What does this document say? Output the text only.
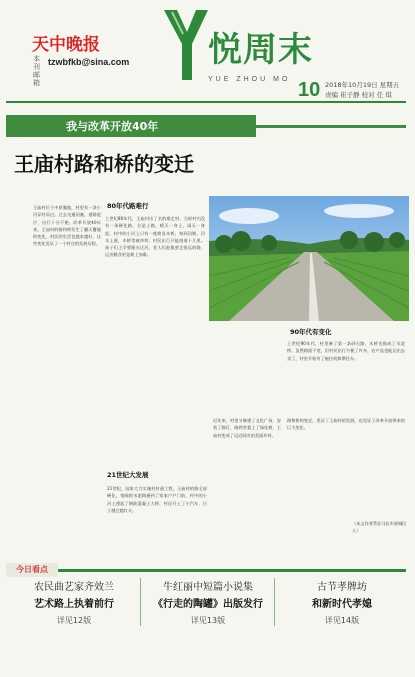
天中晚报
本刊邮箱
tzwbfkb@sina.com 悦周末
YUE ZHOU MO 10 2018年10月19日 星期五
责编 崔子静 校对 任 琪
我与改革开放40年
王庙村路和桥的变迁
王庙村位于中原腹地，村里有一条小河穿村而过。过去交通闭塞，道路泥泞，出行十分不便。改革开放40年来，王庙村的路和桥发生了翻天覆地的变化，村民的生活也越来越好，这些变化见证了一个村庄的发展历程。
80年代路难行
上世纪80年代，王庙村出了名的难走村。当时村内没有一条硬化路，全是土路，晴天一身土，雨天一身泥。村中的小河上只有一座简易木桥，每到汛期，河水上涨，木桥常被冲垮，村民出行只能绕道十几里。孩子们上学要蹚水过河，老人们赶集要走很远的路，运送粮食更是难上加难。
21世纪大发展
21世纪，国家大力实施村村通工程，王庙村的路全部硬化，宽阔的水泥路通到了家家户户门前，村中的小河上建起了钢筋混凝土大桥，村民开上了小汽车，日子越过越红火。
近年来，村里又修建了文化广场，安装了路灯，路两旁栽上了绿化树，王庙村变成了远近闻名的美丽乡村。
90年代有变化
上世纪90年代，村里修了第一条砂石路，木桥也换成了水泥桥。虽然路面不宽，但村民出行方便了许多，农产品也能运出去卖了，村里开始有了拖拉机和摩托车。
路和桥的变迁，见证了王庙村的发展，也见证了改革开放带来的巨大变化。
（本文作者系驻马店市驿城区人）
今日看点
农民曲艺家齐效兰
艺术路上执着前行
详见12版
牛红丽中短篇小说集
《行走的陶罐》出版发行
详见13版
古节孝牌坊
和新时代孝媳
详见14版
